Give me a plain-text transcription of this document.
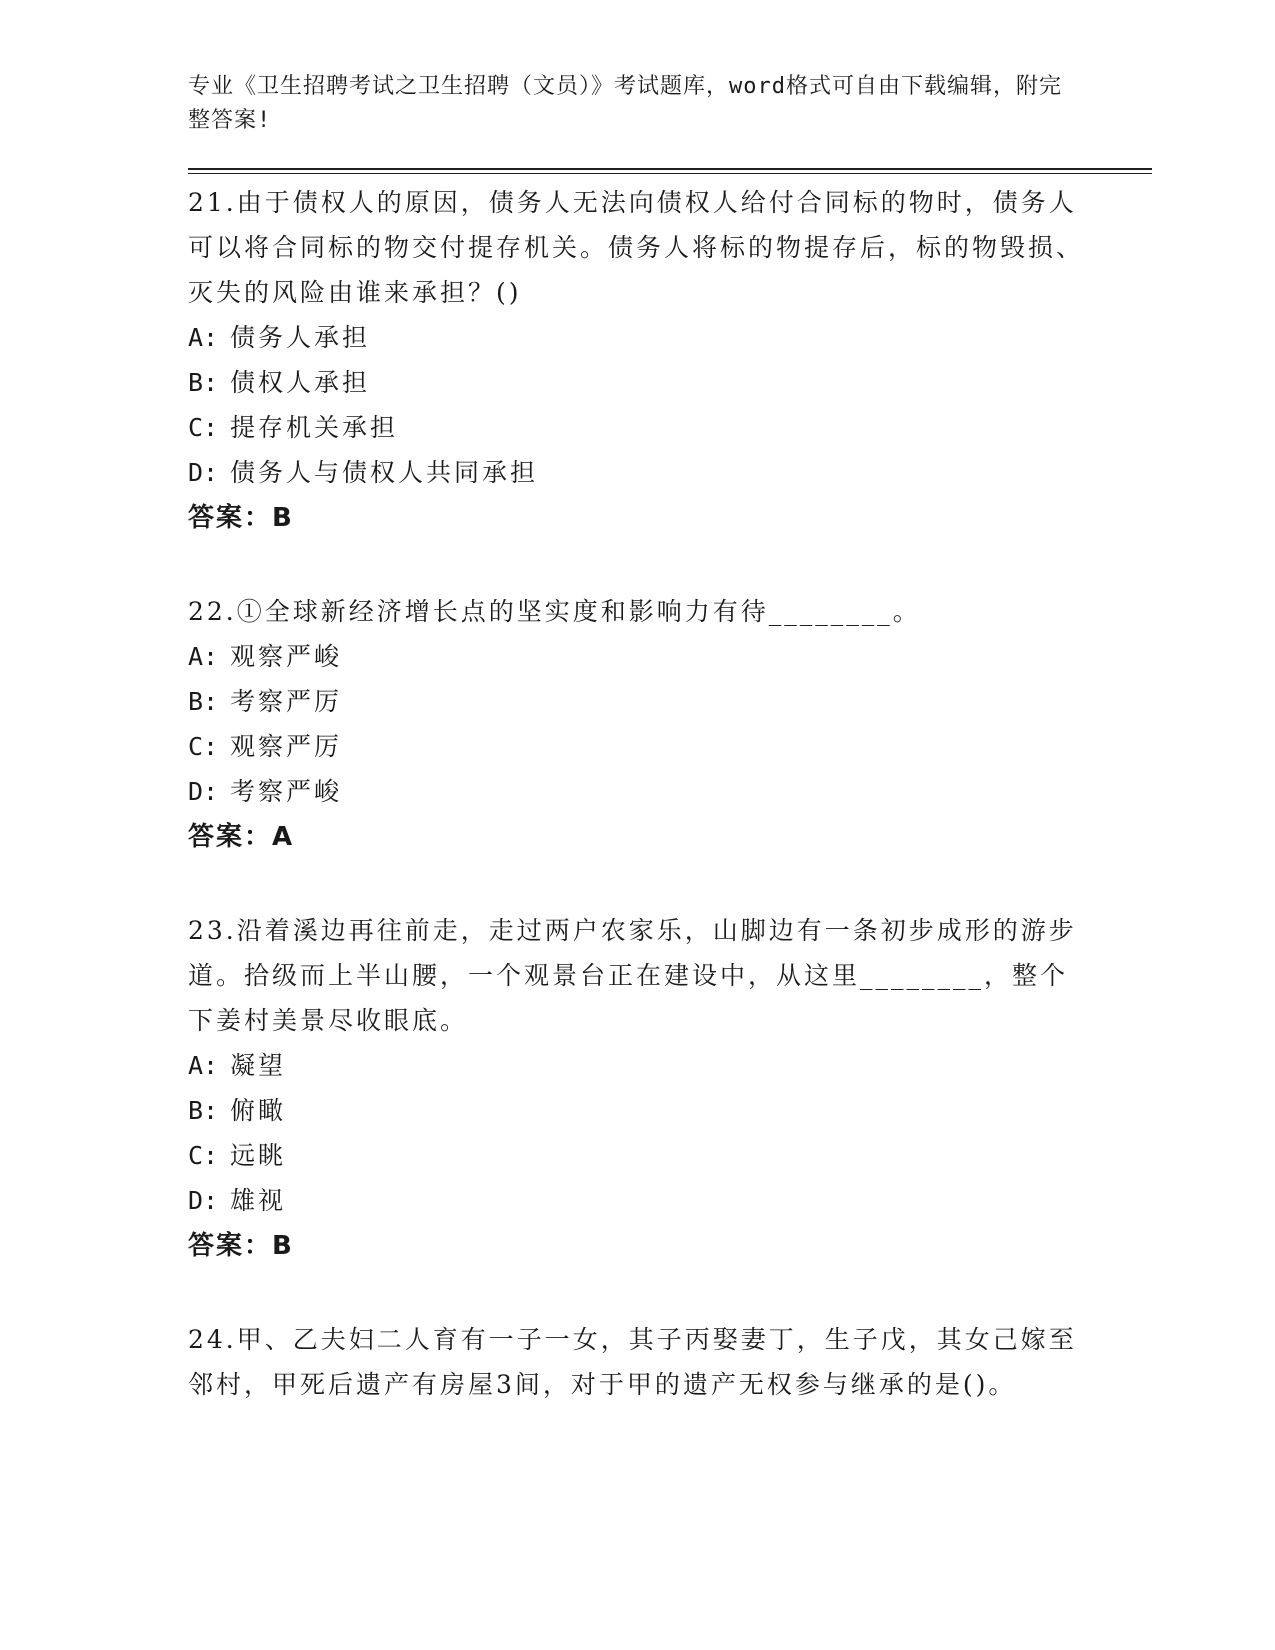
专业《卫生招聘考试之卫生招聘（文员）》考试题库，word格式可自由下载编辑，附完整答案!

21.由于债权人的原因，债务人无法向债权人给付合同标的物时，债务人可以将合同标的物交付提存机关。债务人将标的物提存后，标的物毁损、灭失的风险由谁来承担？()

A: 债务人承担

B: 债权人承担

C: 提存机关承担

D: 债务人与债权人共同承担

答案：B

22.①全球新经济增长点的坚实度和影响力有待________。

A: 观察严峻

B: 考察严厉

C: 观察严厉

D: 考察严峻

答案：A

23.沿着溪边再往前走，走过两户农家乐，山脚边有一条初步成形的游步道。拾级而上半山腰，一个观景台正在建设中，从这里________，整个下姜村美景尽收眼底。

A: 凝望

B: 俯瞰

C: 远眺

D: 雄视

答案：B

24.甲、乙夫妇二人育有一子一女，其子丙娶妻丁，生子戊，其女己嫁至邻村，甲死后遗产有房屋3间，对于甲的遗产无权参与继承的是()。
